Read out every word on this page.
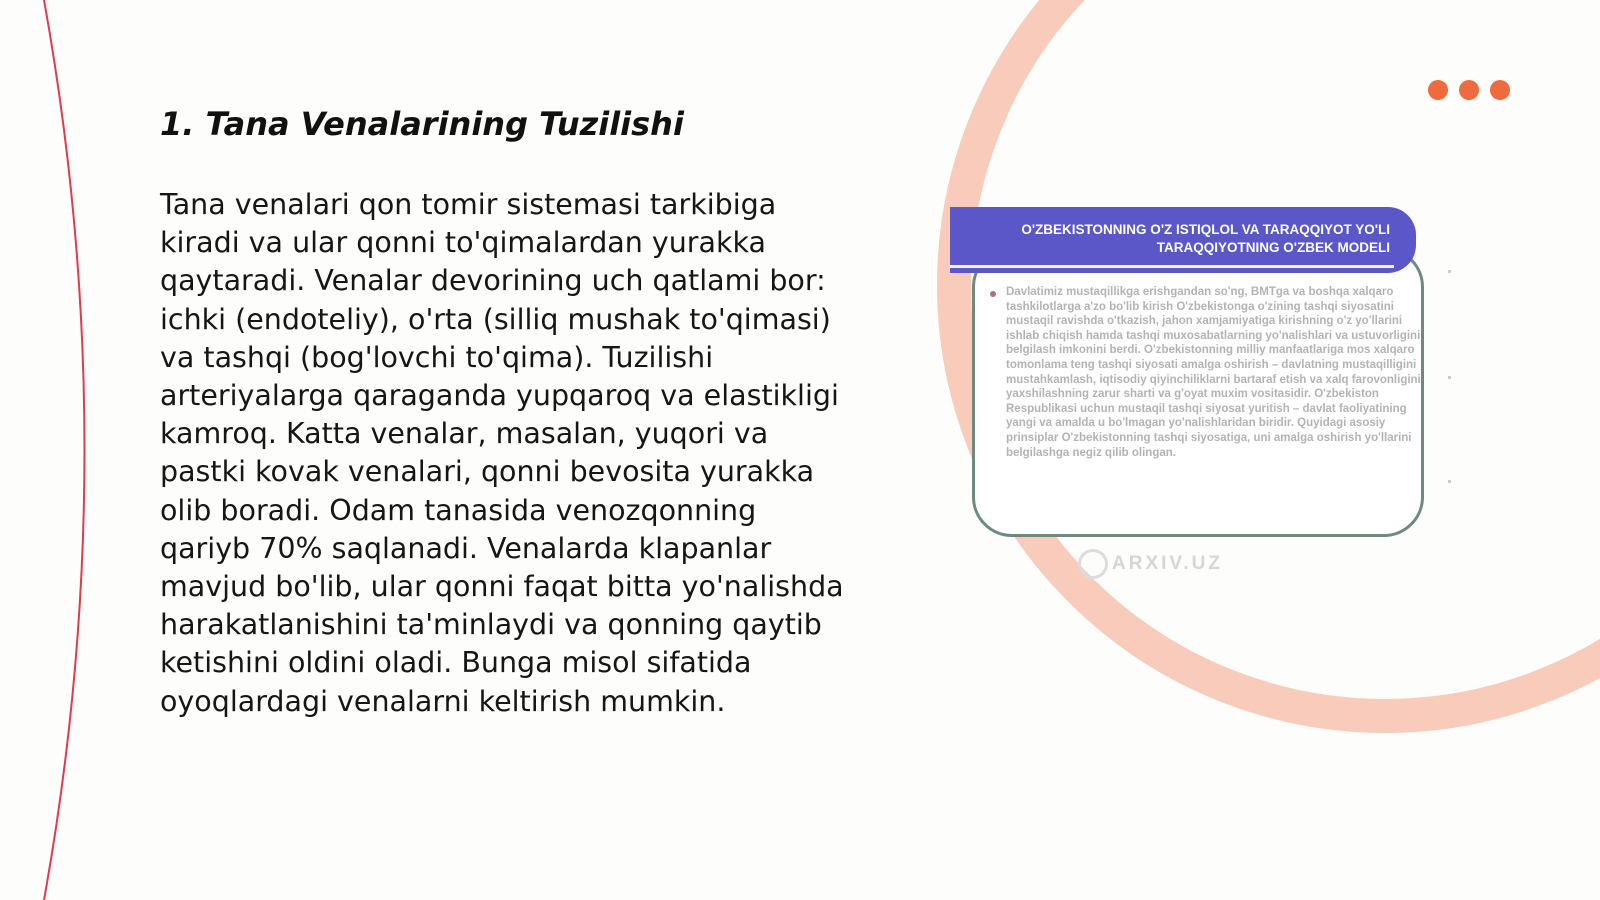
1. Tana Venalarining Tuzilishi

Tana venalari qon tomir sistemasi tarkibiga kiradi va ular qonni to'qimalardan yurakka qaytaradi. Venalar devorining uch qatlami bor: ichki (endoteliy), o'rta (silliq mushak to'qimasi) va tashqi (bog'lovchi to'qima). Tuzilishi arteriyalarga qaraganda yupqaroq va elastikligi kamroq. Katta venalar, masalan, yuqori va pastki kovak venalari, qonni bevosita yurakka olib boradi. Odam tanasida venozqonning qariyb 70% saqlanadi. Venalarda klapanlar mavjud bo'lib, ular qonni faqat bitta yo'nalishda harakatlanishini ta'minlaydi va qonning qaytib ketishini oldini oladi. Bunga misol sifatida oyoqlardagi venalarni keltirish mumkin.

O'ZBEKISTONNING O'Z ISTIQLOL VA TARAQQIYOT YO'LI TARAQQIYOTNING O'ZBEK MODELI

Davlatimiz mustaqillikga erishgandan so'ng, BMTga va boshqa xalqaro tashkilotlarga a'zo bo'lib kirish O'zbekistonga o'zining tashqi siyosatini mustaqil ravishda o'tkazish, jahon xamjamiyatiga kirishning o'z yo'llarini ishlab chiqish hamda tashqi muxosabatlarning yo'nalishlari va ustuvorligini belgilash imkonini berdi. O'zbekistonning milliy manfaatlariga mos xalqaro tomonlama teng tashqi siyosati amalga oshirish – davlatning mustaqilligini mustahkamlash, iqtisodiy qiyinchiliklarni bartaraf etish va xalq farovonligini yaxshilashning zarur sharti va g'oyat muxim vositasidir. O'zbekiston Respublikasi uchun mustaqil tashqi siyosat yuritish – davlat faoliyatining yangi va amalda u bo'lmagan yo'nalishlaridan biridir. Quyidagi asosiy prinsiplar O'zbekistonning tashqi siyosatiga, uni amalga oshirish yo'llarini belgilashga negiz qilib olingan.

ARXIV.UZ
